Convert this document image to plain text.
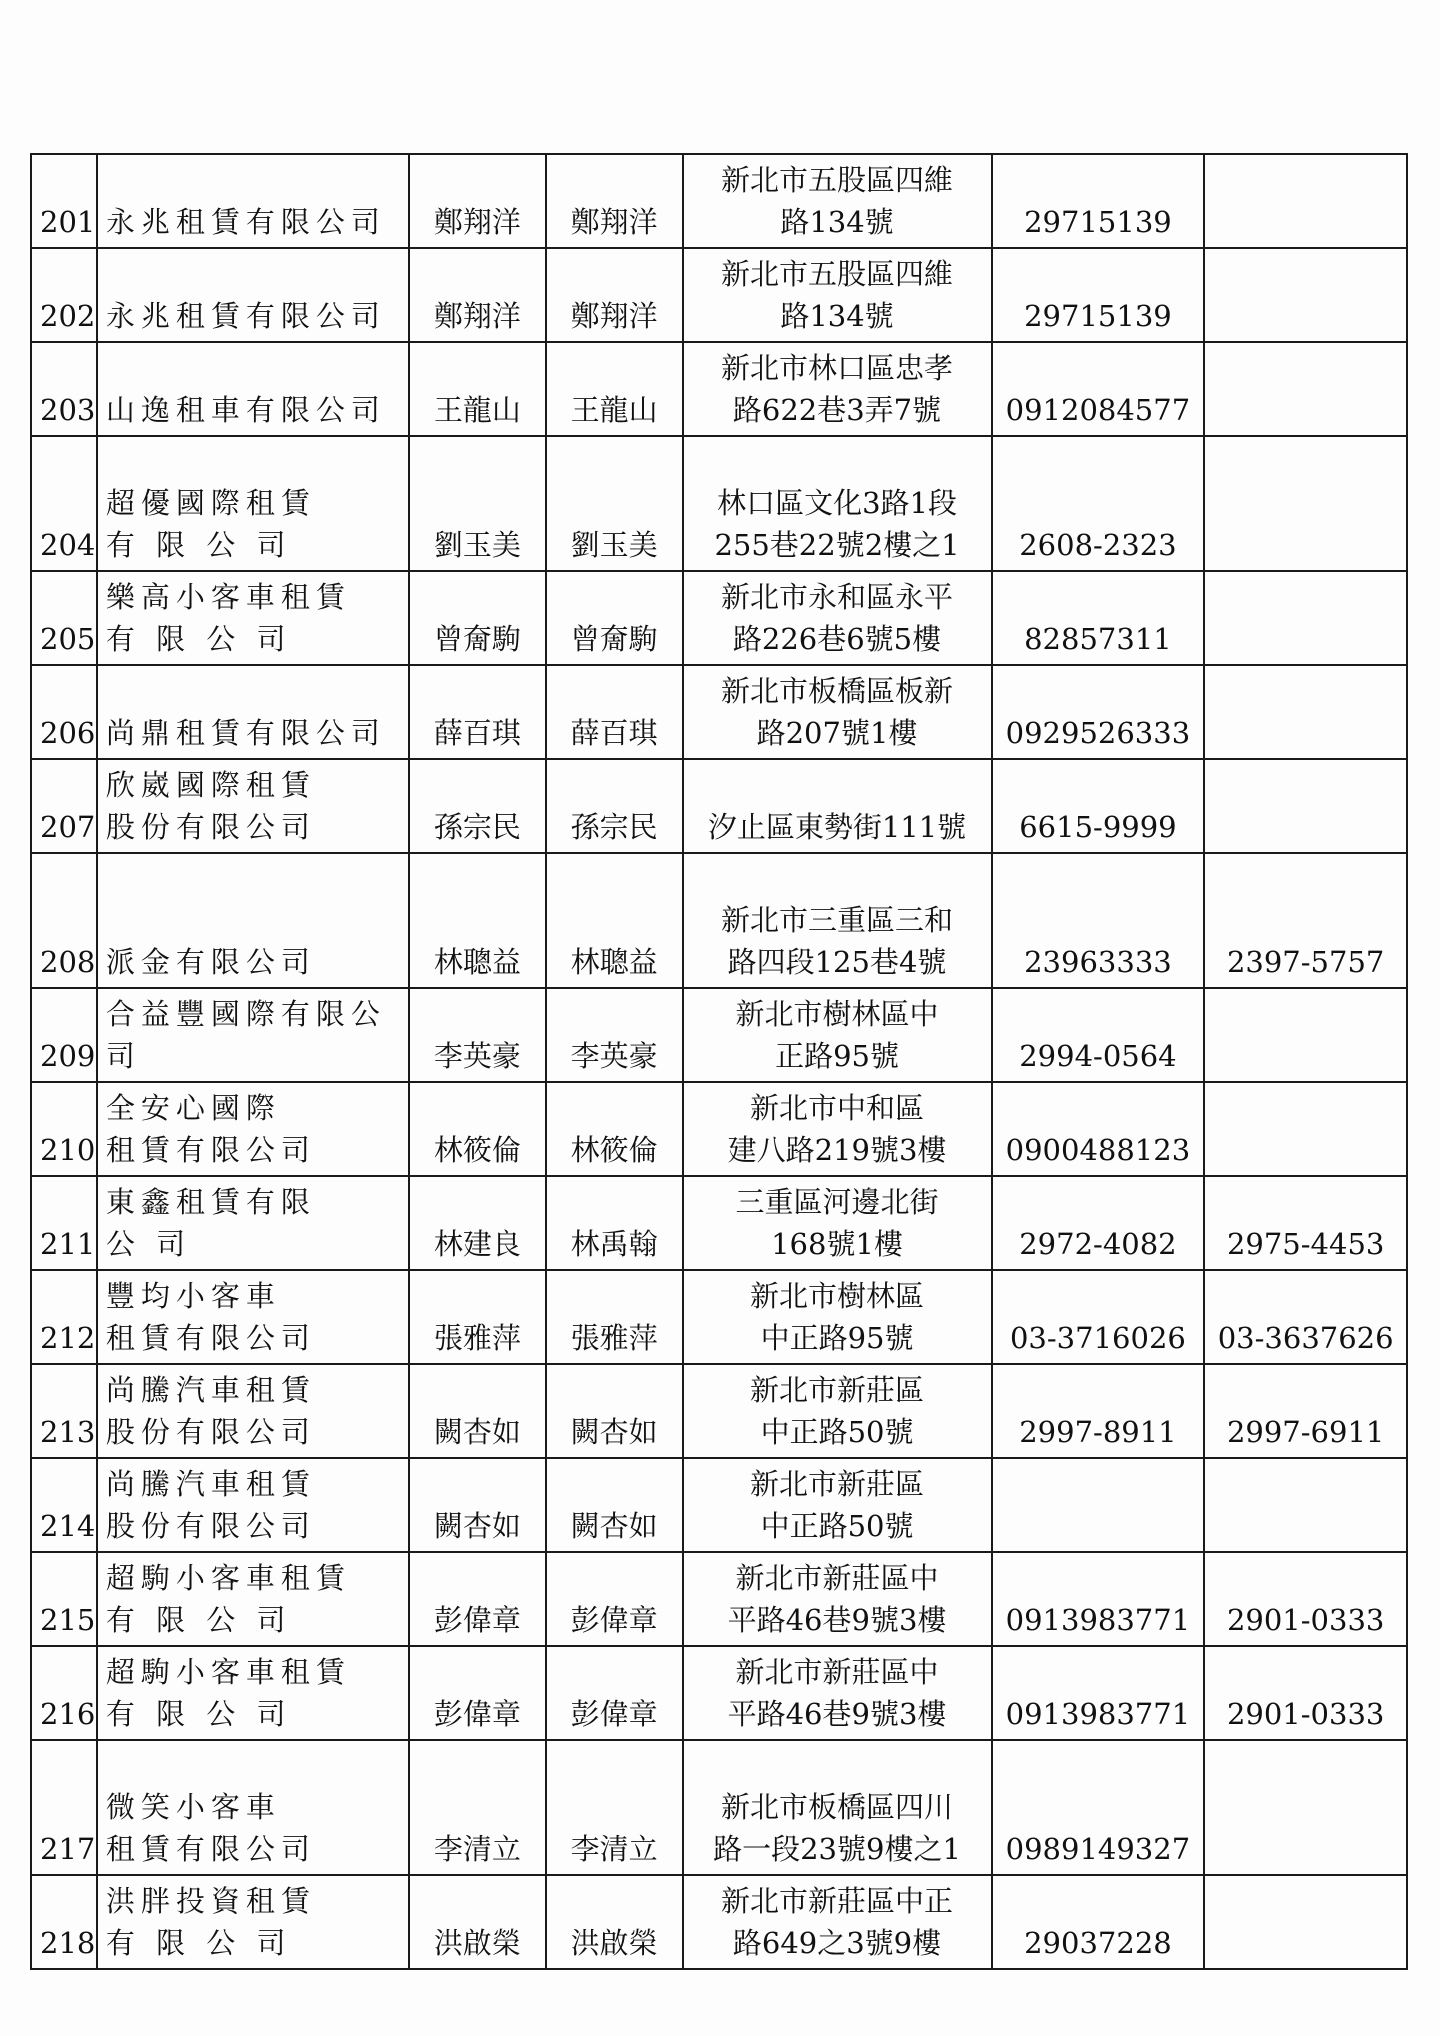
201	永兆租賃有限公司	鄭翔洋	鄭翔洋	新北市五股區四維
路134號	29715139	
202	永兆租賃有限公司	鄭翔洋	鄭翔洋	新北市五股區四維
路134號	29715139	
203	山逸租車有限公司	王龍山	王龍山	新北市林口區忠孝
路622巷3弄7號	0912084577	
204	超優國際租賃
有 限 公 司	劉玉美	劉玉美	林口區文化3路1段
255巷22號2樓之1	2608-2323	
205	樂高小客車租賃
有 限 公 司	曾奝駒	曾奝駒	新北市永和區永平
路226巷6號5樓	82857311	
206	尚鼎租賃有限公司	薛百琪	薛百琪	新北市板橋區板新
路207號1樓	0929526333	
207	欣崴國際租賃
股份有限公司	孫宗民	孫宗民	汐止區東勢街111號	6615-9999	
208	派金有限公司	林聰益	林聰益	新北市三重區三和
路四段125巷4號	23963333	2397-5757
209	合益豐國際有限公
司	李英豪	李英豪	新北市樹林區中
正路95號	2994-0564	
210	全安心國際
租賃有限公司	林筱倫	林筱倫	新北市中和區
建八路219號3樓	0900488123	
211	東鑫租賃有限
公 司	林建良	林禹翰	三重區河邊北街
168號1樓	2972-4082	2975-4453
212	豐均小客車
租賃有限公司	張雅萍	張雅萍	新北市樹林區
中正路95號	03-3716026	03-3637626
213	尚騰汽車租賃
股份有限公司	闕杏如	闕杏如	新北市新莊區
中正路50號	2997-8911	2997-6911
214	尚騰汽車租賃
股份有限公司	闕杏如	闕杏如	新北市新莊區
中正路50號		

215	超駒小客車租賃
有 限 公 司	彭偉章	彭偉章	新北市新莊區中
平路46巷9號3樓	0913983771	2901-0333
216	超駒小客車租賃
有 限 公 司	彭偉章	彭偉章	新北市新莊區中
平路46巷9號3樓	0913983771	2901-0333
217	微笑小客車
租賃有限公司	李清立	李清立	新北市板橋區四川
路一段23號9樓之1	0989149327	
218	洪胖投資租賃
有 限 公 司	洪啟榮	洪啟榮	新北市新莊區中正
路649之3號9樓	29037228	
